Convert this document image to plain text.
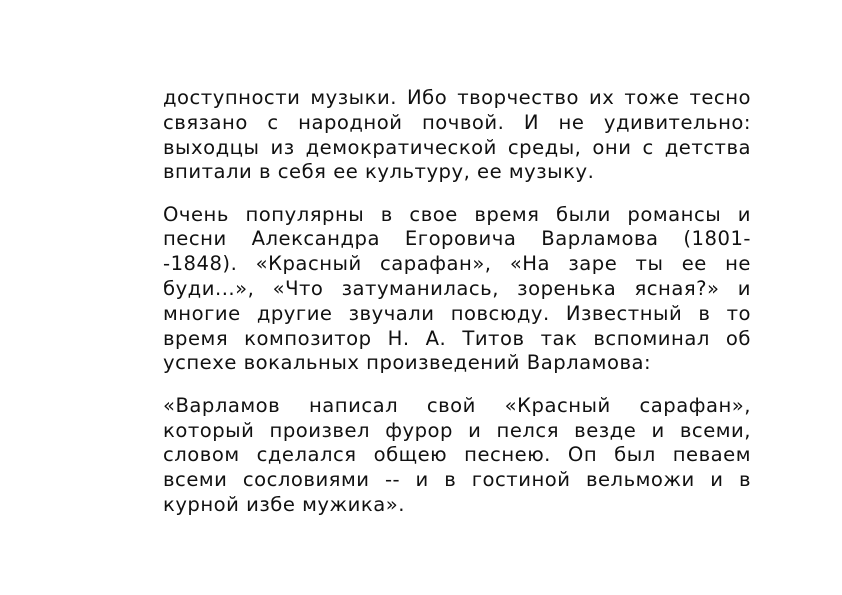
доступности музыки. Ибо творчество их тоже тесно связано с народной почвой. И не удивительно: выходцы из демократической среды, они с детства впитали в себя ее культуру, ее музыку.

Очень популярны в свое время были романсы и песни Александра Егоровича Варламова (1801--1848). «Красный сарафан», «На заре ты ее не буди...», «Что затуманилась, зоренька ясная?» и многие другие звучали повсюду. Известный в то время композитор Н. А. Титов так вспоминал об успехе вокальных произведений Варламова:

«Варламов написал свой «Красный сарафан», который произвел фурор и пелся везде и всеми, словом сделался общею песнею. Оп был певаем всеми сословиями -- и в гостиной вельможи и в курной избе мужика».
